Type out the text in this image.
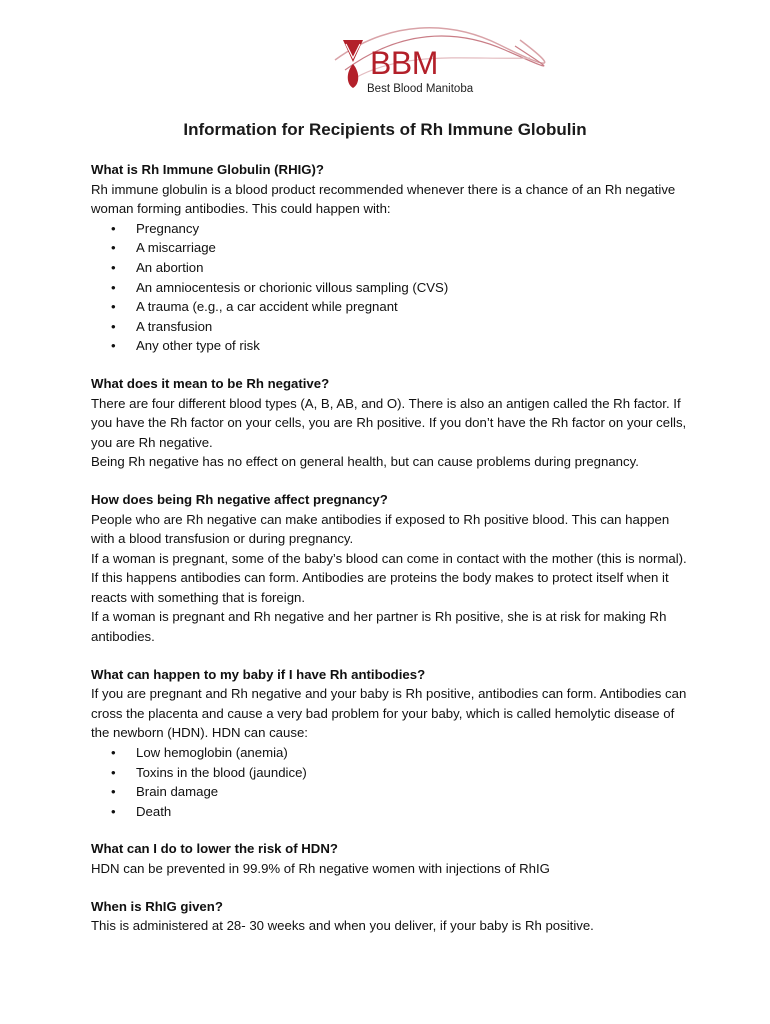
BBM
Best Blood Manitoba
Information for Recipients of Rh Immune Globulin

What is Rh Immune Globulin (RHIG)?

Rh immune globulin is a blood product recommended whenever there is a chance of an Rh negative woman forming antibodies. This could happen with:

• Pregnancy
• A miscarriage
• An abortion
• An amniocentesis or chorionic villous sampling (CVS)
• A trauma (e.g., a car accident while pregnant
• A transfusion
• Any other type of risk

What does it mean to be Rh negative?

There are four different blood types (A, B, AB, and O). There is also an antigen called the Rh factor. If you have the Rh factor on your cells, you are Rh positive. If you don’t have the Rh factor on your cells, you are Rh negative.

Being Rh negative has no effect on general health, but can cause problems during pregnancy.

How does being Rh negative affect pregnancy?

People who are Rh negative can make antibodies if exposed to Rh positive blood. This can happen with a blood transfusion or during pregnancy.

If a woman is pregnant, some of the baby’s blood can come in contact with the mother (this is normal). If this happens antibodies can form. Antibodies are proteins the body makes to protect itself when it reacts with something that is foreign.

If a woman is pregnant and Rh negative and her partner is Rh positive, she is at risk for making Rh antibodies.

What can happen to my baby if I have Rh antibodies?

If you are pregnant and Rh negative and your baby is Rh positive, antibodies can form. Antibodies can cross the placenta and cause a very bad problem for your baby, which is called hemolytic disease of the newborn (HDN). HDN can cause:

• Low hemoglobin (anemia)
• Toxins in the blood (jaundice)
• Brain damage
• Death

What can I do to lower the risk of HDN?

HDN can be prevented in 99.9% of Rh negative women with injections of RhIG

When is RhIG given?

This is administered at 28- 30 weeks and when you deliver, if your baby is Rh positive.
